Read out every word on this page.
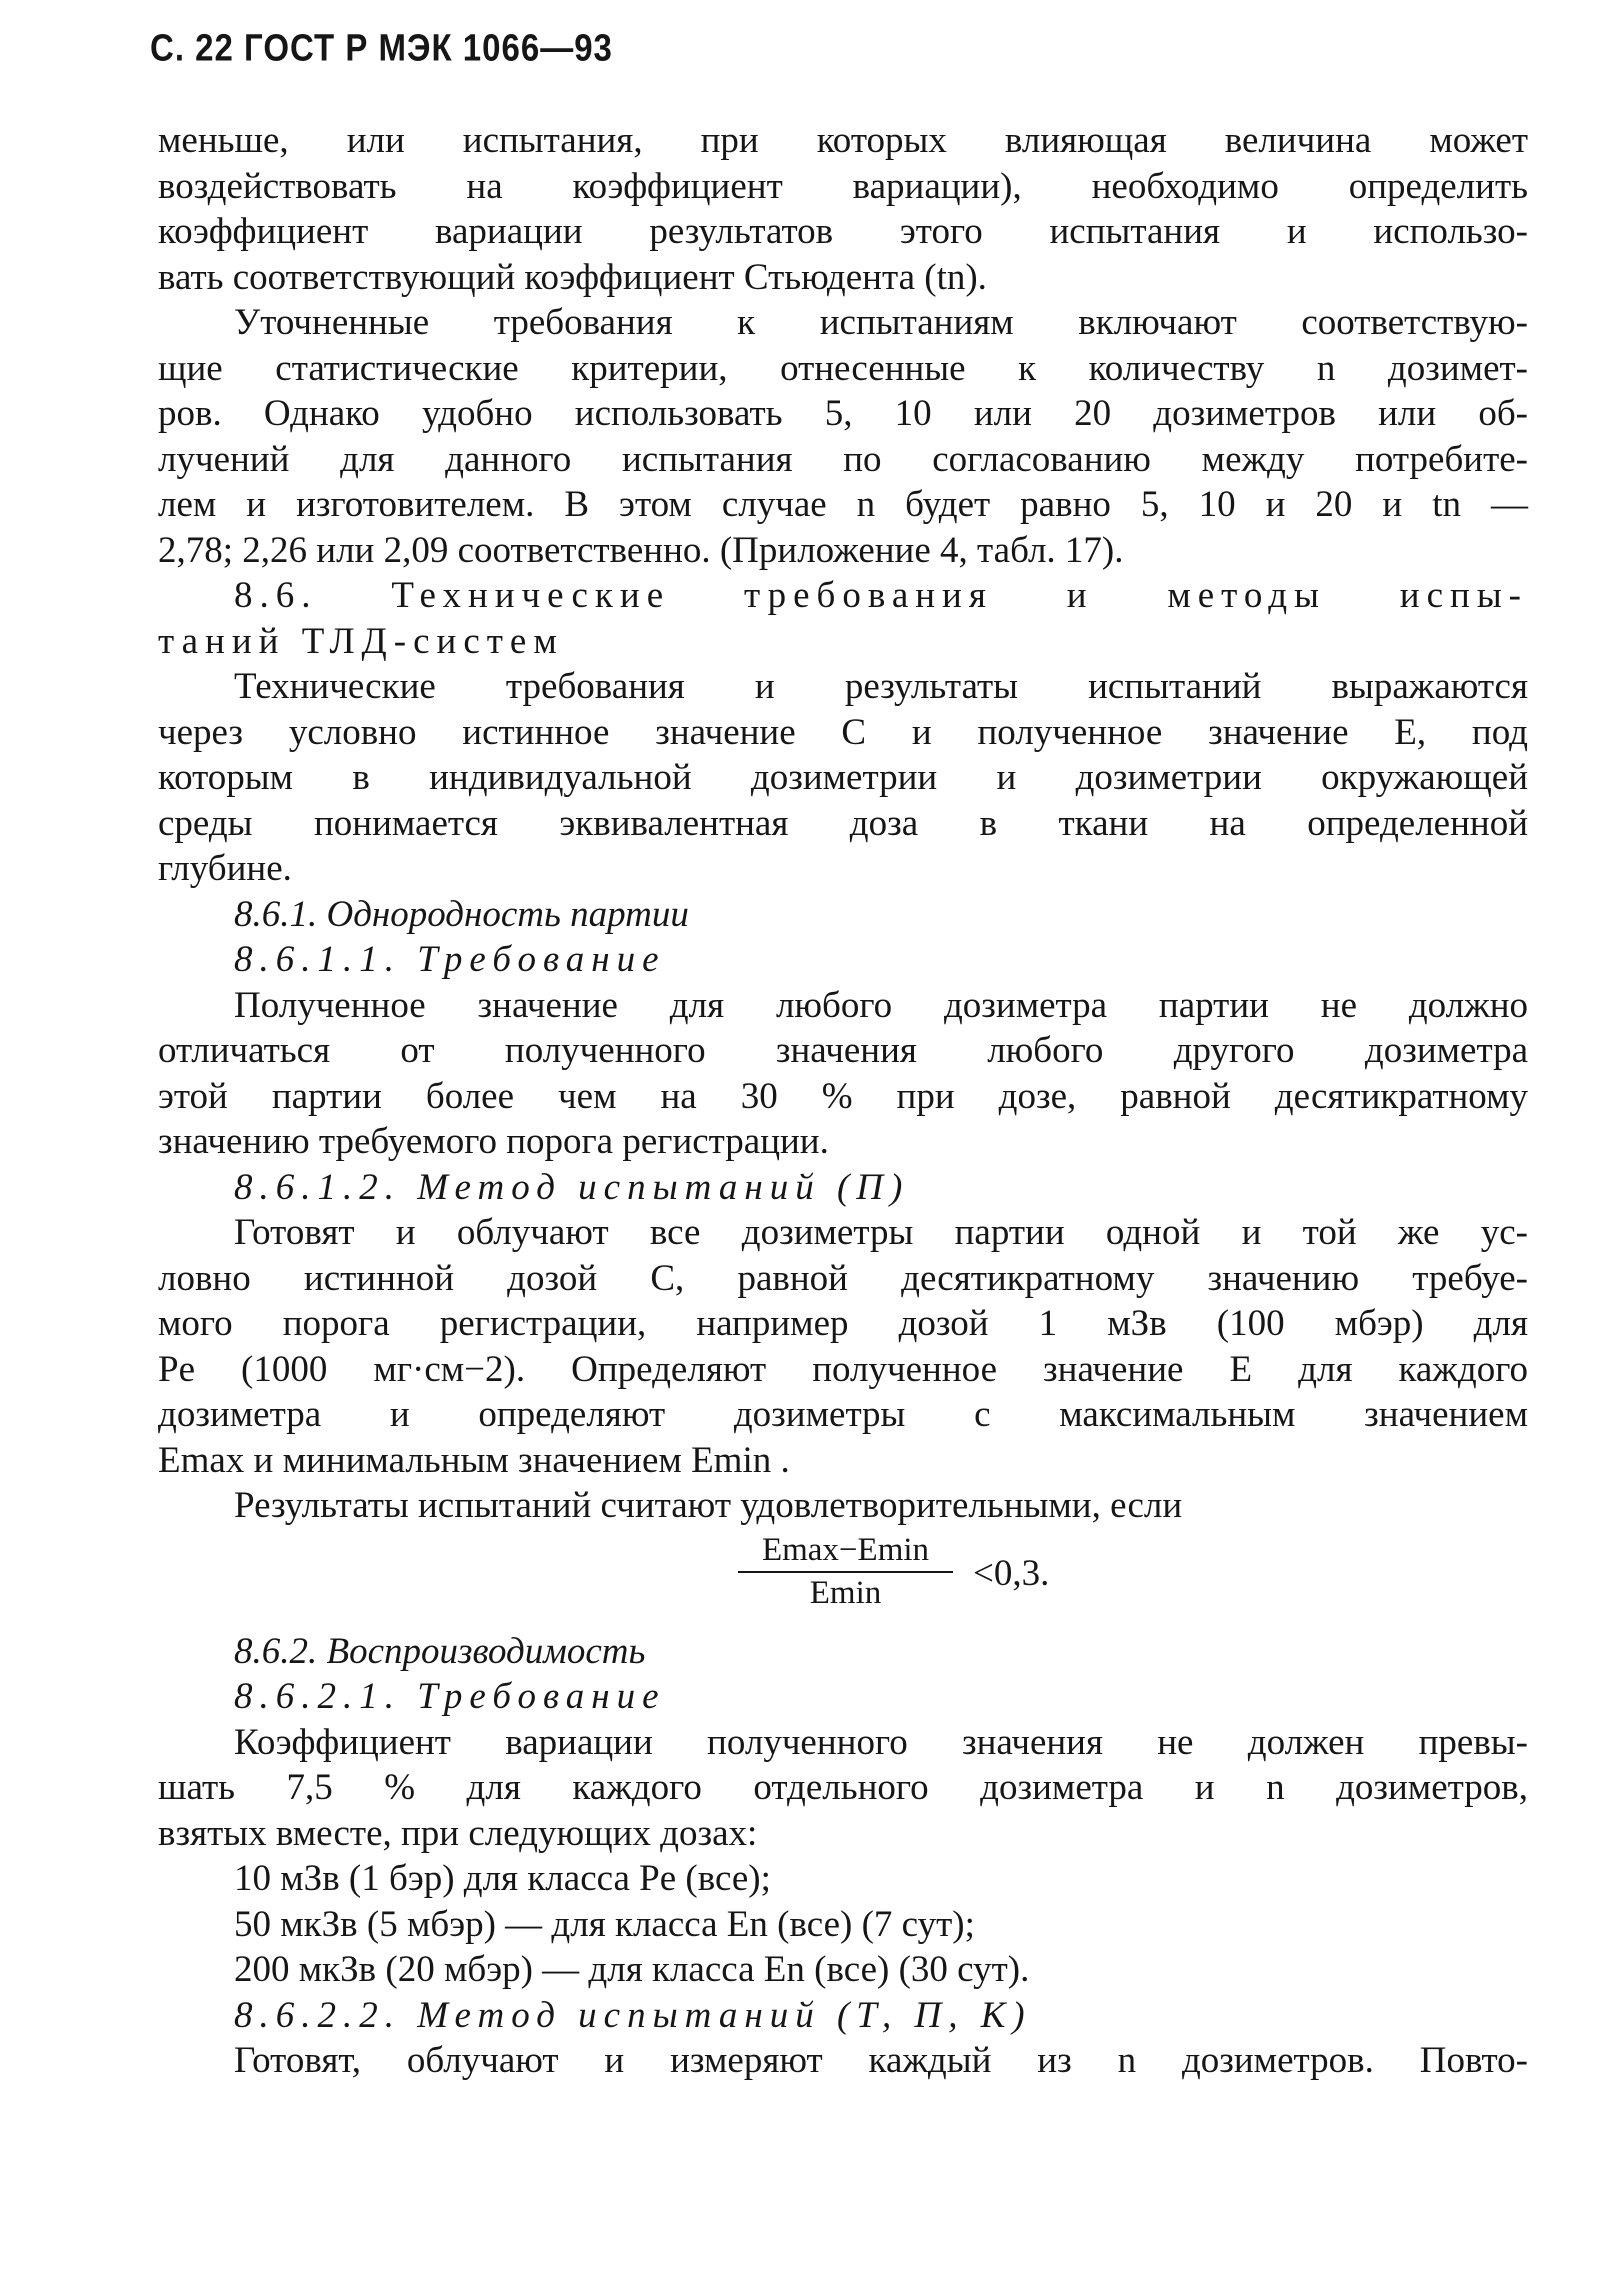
С. 22 ГОСТ Р МЭК 1066—93
меньше, или испытания, при которых влияющая величина может
воздействовать на коэффициент вариации), необходимо определить
коэффициент вариации результатов этого испытания и использо-
вать соответствующий коэффициент Стьюдента (tn).
Уточненные требования к испытаниям включают соответствую-
щие статистические критерии, отнесенные к количеству n дозимет-
ров. Однако удобно использовать 5, 10 или 20 дозиметров или об-
лучений для данного испытания по согласованию между потребите-
лем и изготовителем. В этом случае n будет равно 5, 10 и 20 и tn —
2,78; 2,26 или 2,09 соответственно. (Приложение 4, табл. 17).
8.6. Технические требования и методы испы-
таний ТЛД-систем
Технические требования и результаты испытаний выражаются
через условно истинное значение C и полученное значение E, под
которым в индивидуальной дозиметрии и дозиметрии окружающей
среды понимается эквивалентная доза в ткани на определенной
глубине.
8.6.1. Однородность партии
8.6.1.1. Требование
Полученное значение для любого дозиметра партии не должно
отличаться от полученного значения любого другого дозиметра
этой партии более чем на 30 % при дозе, равной десятикратному
значению требуемого порога регистрации.
8.6.1.2. Метод испытаний (П)
Готовят и облучают все дозиметры партии одной и той же ус-
ловно истинной дозой C, равной десятикратному значению требуе-
мого порога регистрации, например дозой 1 мЗв (100 мбэр) для
Pe (1000 мг·см−2). Определяют полученное значение E для каждого
дозиметра и определяют дозиметры с максимальным значением
Emax и минимальным значением Emin .
Результаты испытаний считают удовлетворительными, если
Emax−Emin
Emin	<0,3.
8.6.2. Воспроизводимость
8.6.2.1. Требование
Коэффициент вариации полученного значения не должен превы-
шать 7,5 % для каждого отдельного дозиметра и n дозиметров,
взятых вместе, при следующих дозах:
10 мЗв (1 бэр) для класса Pe (все);
50 мкЗв (5 мбэр) — для класса En (все) (7 сут);
200 мкЗв (20 мбэр) — для класса En (все) (30 сут).
8.6.2.2. Метод испытаний (Т, П, К)
Готовят, облучают и измеряют каждый из n дозиметров. Повто-
